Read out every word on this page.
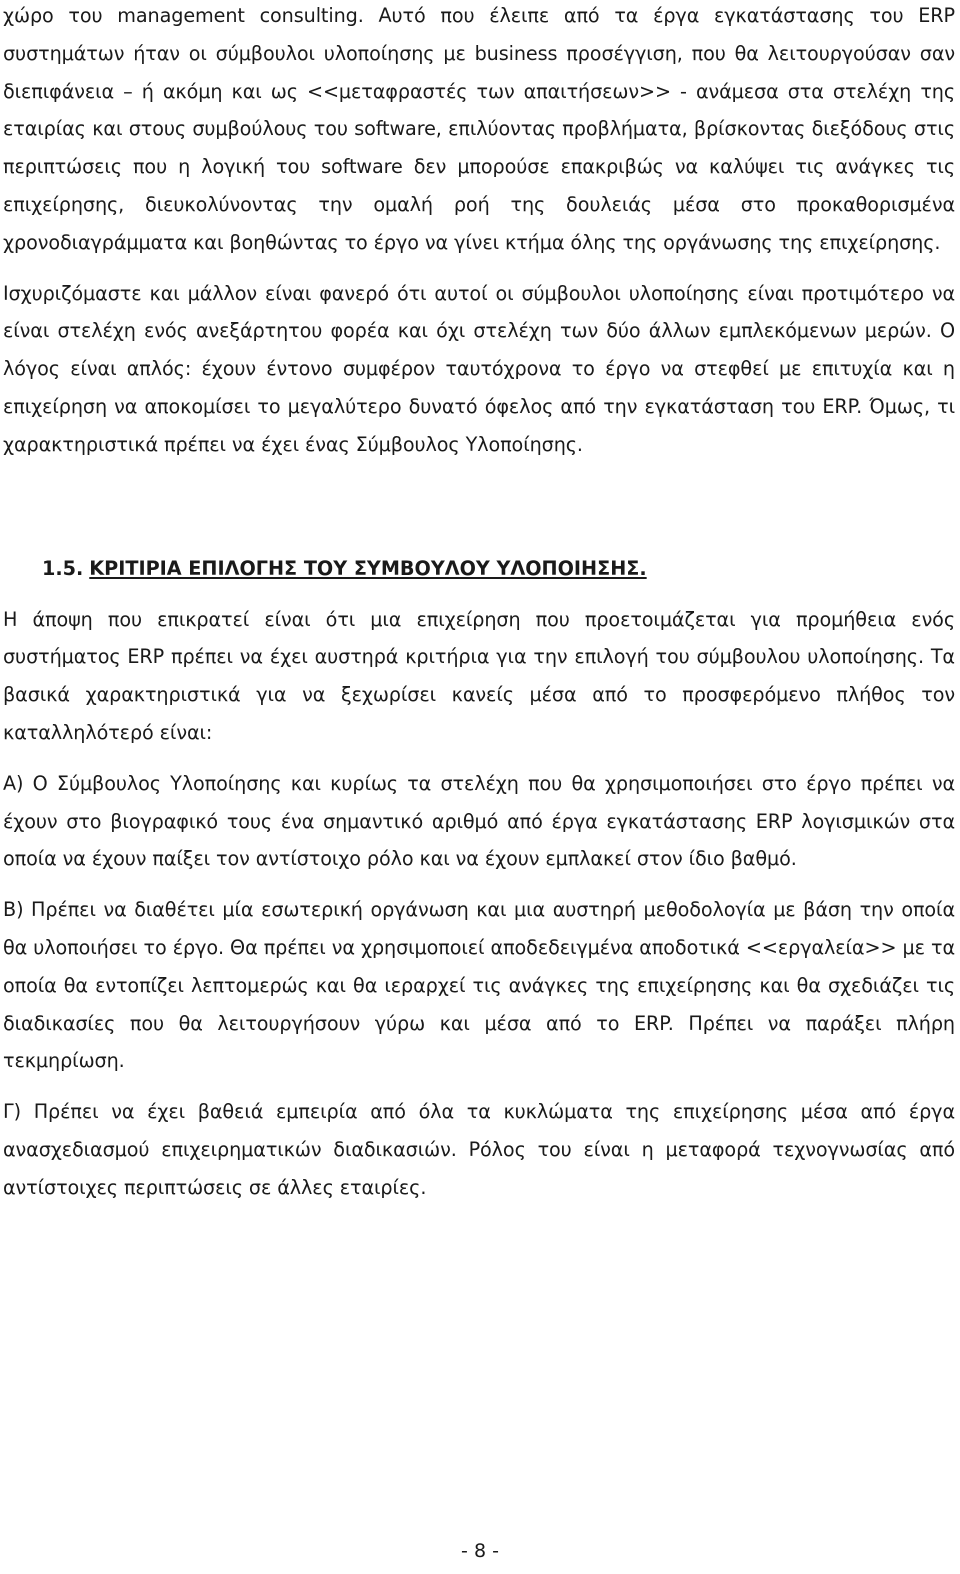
χώρο του management consulting. Αυτό που έλειπε από τα έργα εγκατάστασης του ERP συστημάτων ήταν οι σύμβουλοι υλοποίησης με business προσέγγιση, που θα λειτουργούσαν σαν διεπιφάνεια – ή ακόμη και ως <<μεταφραστές των απαιτήσεων>> - ανάμεσα στα στελέχη της εταιρίας και στους συμβούλους του software, επιλύοντας προβλήματα, βρίσκοντας διεξόδους στις περιπτώσεις που η λογική του software δεν μπορούσε επακριβώς να καλύψει τις ανάγκες τις επιχείρησης, διευκολύνοντας την ομαλή ροή της δουλειάς μέσα στο προκαθορισμένα χρονοδιαγράμματα και βοηθώντας το έργο να γίνει κτήμα όλης της οργάνωσης της επιχείρησης.

Ισχυριζόμαστε και μάλλον είναι φανερό ότι αυτοί οι σύμβουλοι υλοποίησης είναι προτιμότερο να είναι στελέχη ενός ανεξάρτητου φορέα και όχι στελέχη των δύο άλλων εμπλεκόμενων μερών. Ο λόγος είναι απλός: έχουν έντονο συμφέρον ταυτόχρονα το έργο να στεφθεί με επιτυχία και η επιχείρηση να αποκομίσει το μεγαλύτερο δυνατό όφελος από την εγκατάσταση του ERP. Όμως, τι χαρακτηριστικά πρέπει να έχει ένας Σύμβουλος Υλοποίησης.

1.5. ΚΡΙΤΙΡΙΑ ΕΠΙΛΟΓΗΣ ΤΟΥ ΣΥΜΒΟΥΛΟΥ ΥΛΟΠΟΙΗΣΗΣ.

Η άποψη που επικρατεί είναι ότι μια επιχείρηση που προετοιμάζεται για προμήθεια ενός συστήματος ERP πρέπει να έχει αυστηρά κριτήρια για την επιλογή του σύμβουλου υλοποίησης. Τα βασικά χαρακτηριστικά για να ξεχωρίσει κανείς μέσα από το προσφερόμενο πλήθος τον καταλληλότερό είναι:

Α) Ο Σύμβουλος Υλοποίησης και κυρίως τα στελέχη που θα χρησιμοποιήσει στο έργο πρέπει να έχουν στο βιογραφικό τους ένα σημαντικό αριθμό από έργα εγκατάστασης ERP λογισμικών στα οποία να έχουν παίξει τον αντίστοιχο ρόλο και να έχουν εμπλακεί στον ίδιο βαθμό.

Β) Πρέπει να διαθέτει μία εσωτερική οργάνωση και μια αυστηρή μεθοδολογία με βάση την οποία θα υλοποιήσει το έργο. Θα πρέπει να χρησιμοποιεί αποδεδειγμένα αποδοτικά <<εργαλεία>> με τα οποία θα εντοπίζει λεπτομερώς και θα ιεραρχεί τις ανάγκες της επιχείρησης και θα σχεδιάζει τις διαδικασίες που θα λειτουργήσουν γύρω και μέσα από το ERP. Πρέπει να παράξει πλήρη τεκμηρίωση.

Γ) Πρέπει να έχει βαθειά εμπειρία από όλα τα κυκλώματα της επιχείρησης μέσα από έργα ανασχεδιασμού επιχειρηματικών διαδικασιών. Ρόλος του είναι η μεταφορά τεχνογνωσίας από αντίστοιχες περιπτώσεις σε άλλες εταιρίες.

- 8 -
